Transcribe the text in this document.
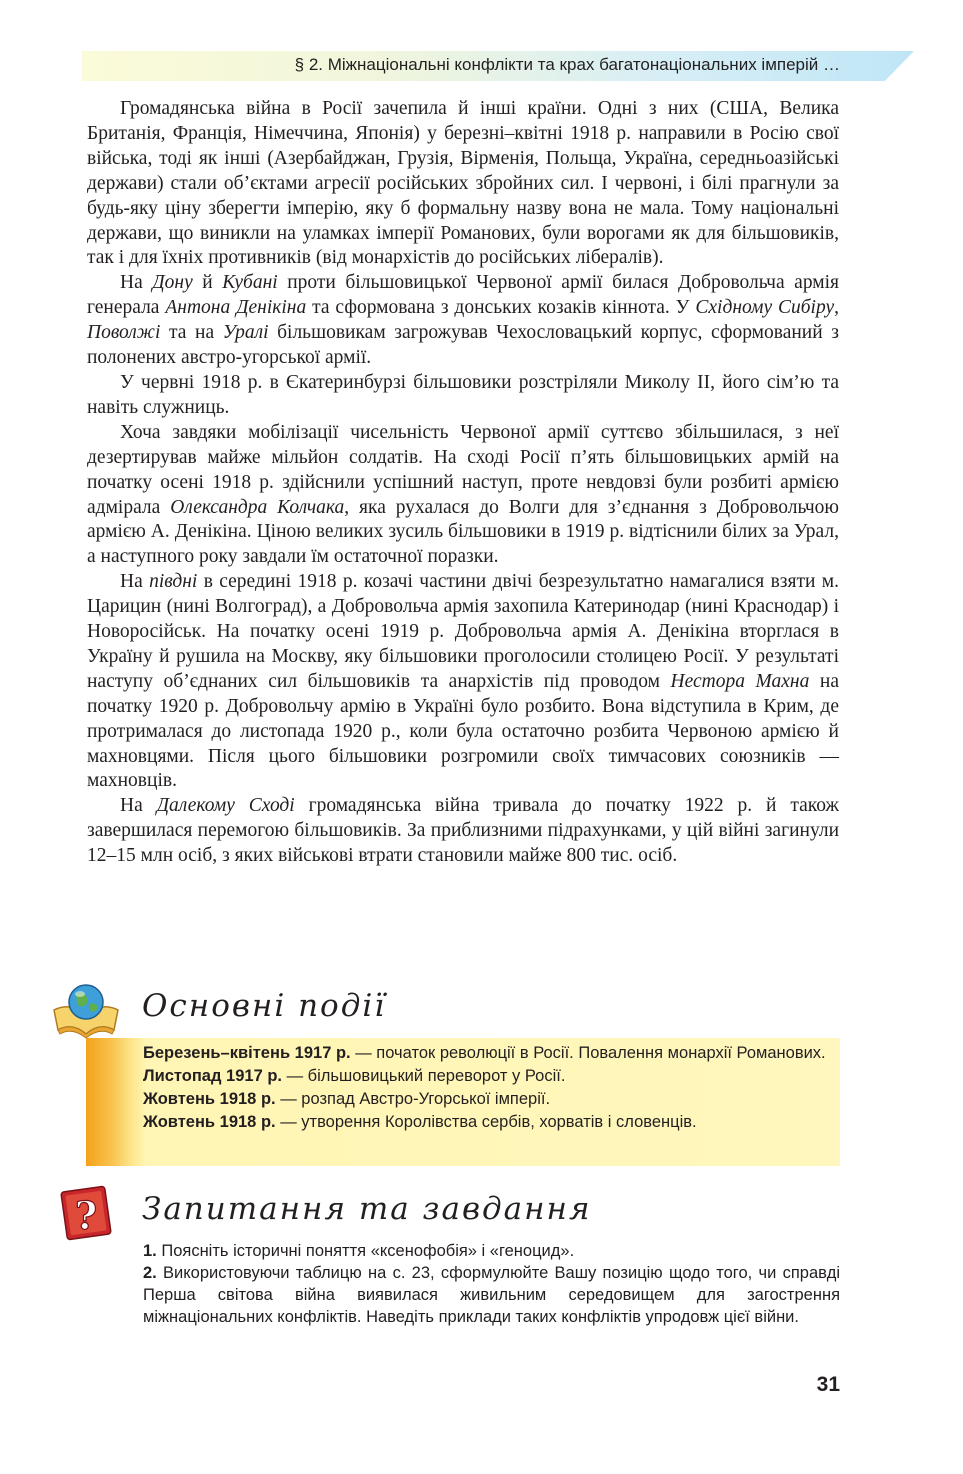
§ 2. Міжнаціональні конфлікти та крах багатонаціональних імперій …

Громадянська війна в Росії зачепила й інші країни. Одні з них (США, Велика Британія, Франція, Німеччина, Японія) у березні–квітні 1918 р. направили в Росію свої війська, тоді як інші (Азербайджан, Грузія, Вірменія, Польща, Україна, середньоазійські держави) стали об’єктами агресії російських збройних сил. І червоні, і білі прагнули за будь-яку ціну зберегти імперію, яку б формальну назву вона не мала. Тому національні держави, що виникли на уламках імперії Романових, були ворогами як для більшовиків, так і для їхніх противників (від монархістів до російських лібералів).

На Дону й Кубані проти більшовицької Червоної армії билася Добровольча армія генерала Антона Денікіна та сформована з донських козаків кіннота. У Східному Сибіру, Поволжі та на Уралі більшовикам загрожував Чехословацький корпус, сформований з полонених австро-угорської армії.

У червні 1918 р. в Єкатеринбурзі більшовики розстріляли Миколу ІІ, його сім’ю та навіть служниць.

Хоча завдяки мобілізації чисельність Червоної армії суттєво збільшилася, з неї дезертирував майже мільйон солдатів. На сході Росії п’ять більшовицьких армій на початку осені 1918 р. здійснили успішний наступ, проте невдовзі були розбиті армією адмірала Олександра Колчака, яка рухалася до Волги для з’єднання з Добровольчою армією А. Денікіна. Ціною великих зусиль більшовики в 1919 р. відтіснили білих за Урал, а наступного року завдали їм остаточної поразки.

На півдні в середині 1918 р. козачі частини двічі безрезультатно намагалися взяти м. Царицин (нині Волгоград), а Добровольча армія захопила Катеринодар (нині Краснодар) і Новоросійськ. На початку осені 1919 р. Добровольча армія А. Денікіна вторглася в Україну й рушила на Москву, яку більшовики проголосили столицею Росії. У результаті наступу об’єднаних сил більшовиків та анархістів під проводом Нестора Махна на початку 1920 р. Добровольчу армію в Україні було розбито. Вона відступила в Крим, де протрималася до листопада 1920 р., коли була остаточно розбита Червоною армією й махновцями. Після цього більшовики розгромили своїх тимчасових союзників — махновців.

На Далекому Сході громадянська війна тривала до початку 1922 р. й також завершилася перемогою більшовиків. За приблизними підрахунками, у цій війні загинули 12–15 млн осіб, з яких військові втрати становили майже 800 тис. осіб.

Основні події
Березень–квітень 1917 р. — початок революції в Росії. Повалення монархії Романових.
Листопад 1917 р. — більшовицький переворот у Росії.
Жовтень 1918 р. — розпад Австро-Угорської імперії.
Жовтень 1918 р. — утворення Королівства сербів, хорватів і словенців.
? Запитання та завдання
1. Поясніть історичні поняття «ксенофобія» і «геноцид».
2. Використовуючи таблицю на с. 23, сформулюйте Вашу позицію щодо того, чи справді Перша світова війна виявилася живильним середовищем для загострення міжнаціональних конфліктів. Наведіть приклади таких конфліктів упродовж цієї війни.
31
